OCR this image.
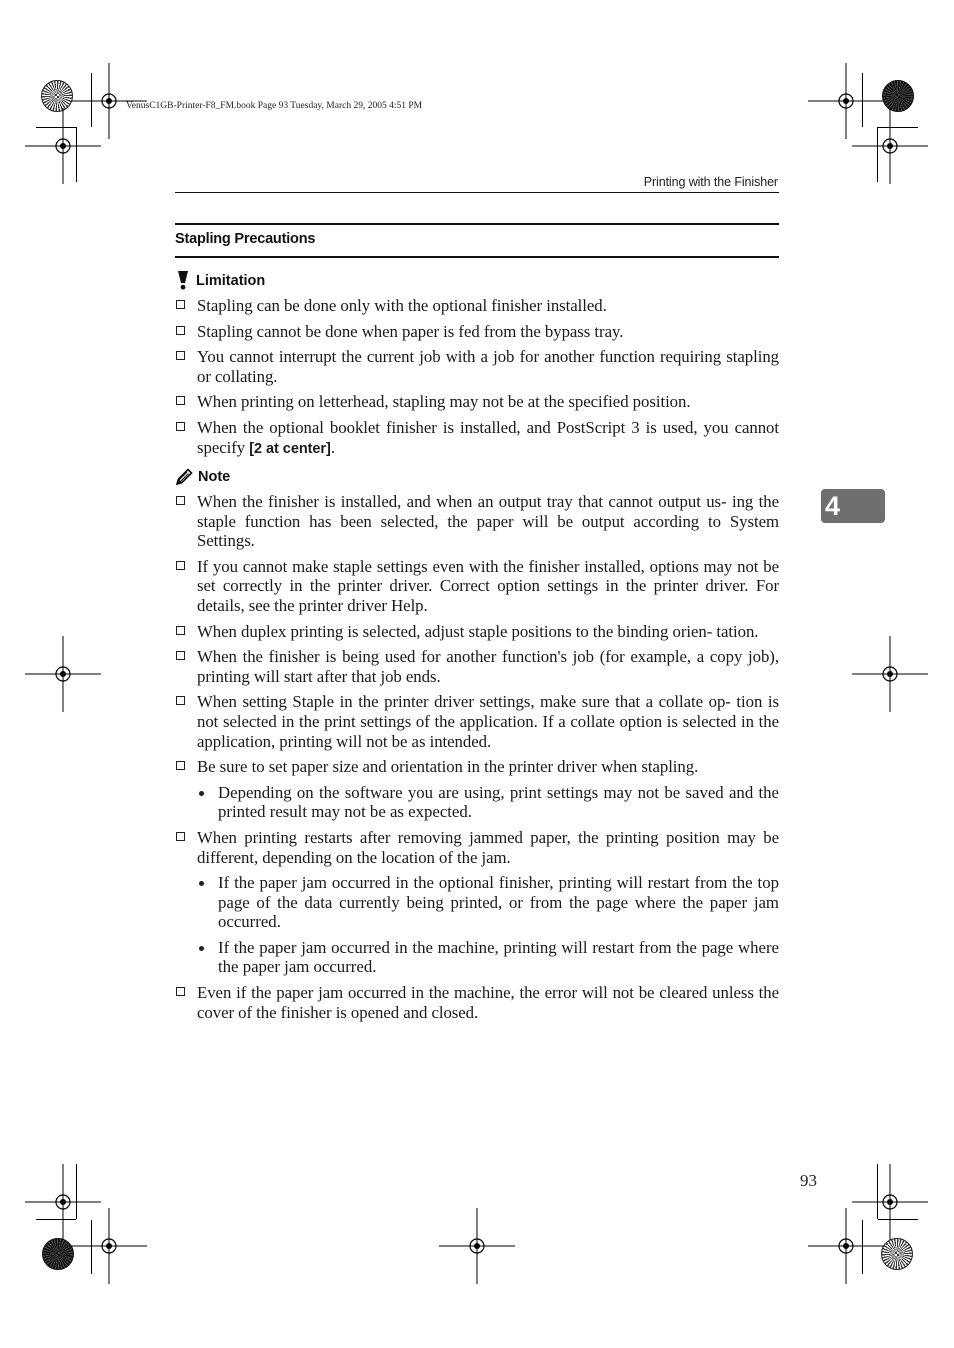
VenusC1GB-Printer-F8_FM.book Page 93 Tuesday, March 29, 2005 4:51 PM
Printing with the Finisher
Stapling Precautions
Limitation

Stapling can be done only with the optional finisher installed.

Stapling cannot be done when paper is fed from the bypass tray.

You cannot interrupt the current job with a job for another function requiring stapling or collating.

When printing on letterhead, stapling may not be at the specified position.

When the optional booklet finisher is installed, and PostScript 3 is used, you cannot specify [2 at center].

Note

When the finisher is installed, and when an output tray that cannot output us- ing the staple function has been selected, the paper will be output according to System Settings.

If you cannot make staple settings even with the finisher installed, options may not be set correctly in the printer driver. Correct option settings in the printer driver. For details, see the printer driver Help.

When duplex printing is selected, adjust staple positions to the binding orien- tation.

When the finisher is being used for another function's job (for example, a copy job), printing will start after that job ends.

When setting Staple in the printer driver settings, make sure that a collate op- tion is not selected in the print settings of the application. If a collate option is selected in the application, printing will not be as intended.

Be sure to set paper size and orientation in the printer driver when stapling.

Depending on the software you are using, print settings may not be saved and the printed result may not be as expected.

When printing restarts after removing jammed paper, the printing position may be different, depending on the location of the jam.

If the paper jam occurred in the optional finisher, printing will restart from the top page of the data currently being printed, or from the page where the paper jam occurred.

If the paper jam occurred in the machine, printing will restart from the page where the paper jam occurred.

Even if the paper jam occurred in the machine, the error will not be cleared unless the cover of the finisher is opened and closed.

4
93
